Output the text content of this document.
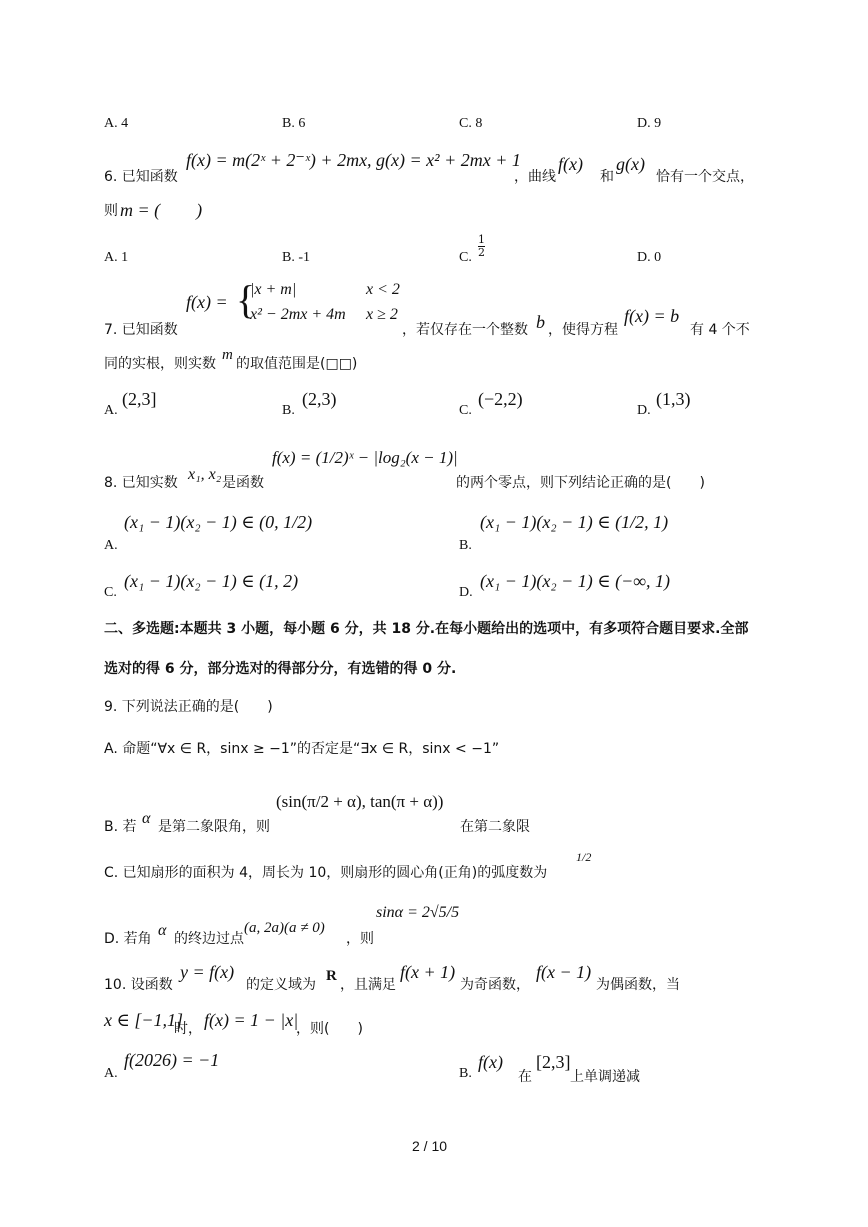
A. 4	B. 6	C. 8	D. 9
6. 已知函数
f(x) = m(2ˣ + 2⁻ˣ) + 2mx, g(x) = x² + 2mx + 1
，曲线
f(x)
和
g(x)
恰有一个交点，
则 m = (　　)
A. 1	B. -1	C. $\frac{1}{2}$	D. 0
7. 已知函数
f(x) = {
|x + m|	x < 2
x² − 2mx + 4m x ≥ 2
，若仅存在一个整数 b ，使得方程
f(x) = b
有 4 个不
同的实根，则实数
m
的取值范围是(□□)
A.
(2,3]
B.
(2,3)
C.
(−2,2)
D.
(1,3)
8. 已知实数 x₁, x₂ 是函数
f(x) = (1/2)ˣ − |log₂(x − 1)|
的两个零点，则下列结论正确的是(　　)
A.
(x₁ − 1)(x₂ − 1) ∈ (0, 1/2)
B.
(x₁ − 1)(x₂ − 1) ∈ (1/2, 1)
C.
(x₁ − 1)(x₂ − 1) ∈ (1, 2)
D.
(x₁ − 1)(x₂ − 1) ∈ (−∞, 1)
二、多选题:本题共 3 小题，每小题 6 分，共 18 分.在每小题给出的选项中，有多项符合题目要求.全部
选对的得 6 分，部分选对的得部分分，有选错的得 0 分.
9. 下列说法正确的是(　　)
A. 命题“∀x ∈ R，sinx ≥ −1”的否定是“∃x ∈ R，sinx < −1”
B. 若 α 是第二象限角，则
(sin(π/2 + α), tan(π + α))
在第二象限
C. 已知扇形的面积为 4，周长为 10，则扇形的圆心角(正角)的弧度数为
1/2
D. 若角 α 的终边过点
(a, 2a)(a ≠ 0)
，则
sinα = 2√5/5
10. 设函数
y = f(x)
的定义域为
R
，且满足
f(x + 1)
为奇函数，
f(x − 1)
为偶函数，当
x ∈ [−1,1]
时， f(x) = 1 − |x|
，则(　　)
A.
f(2026) = −1
B.
f(x)
在
[2,3]
上单调递减
2 / 10
